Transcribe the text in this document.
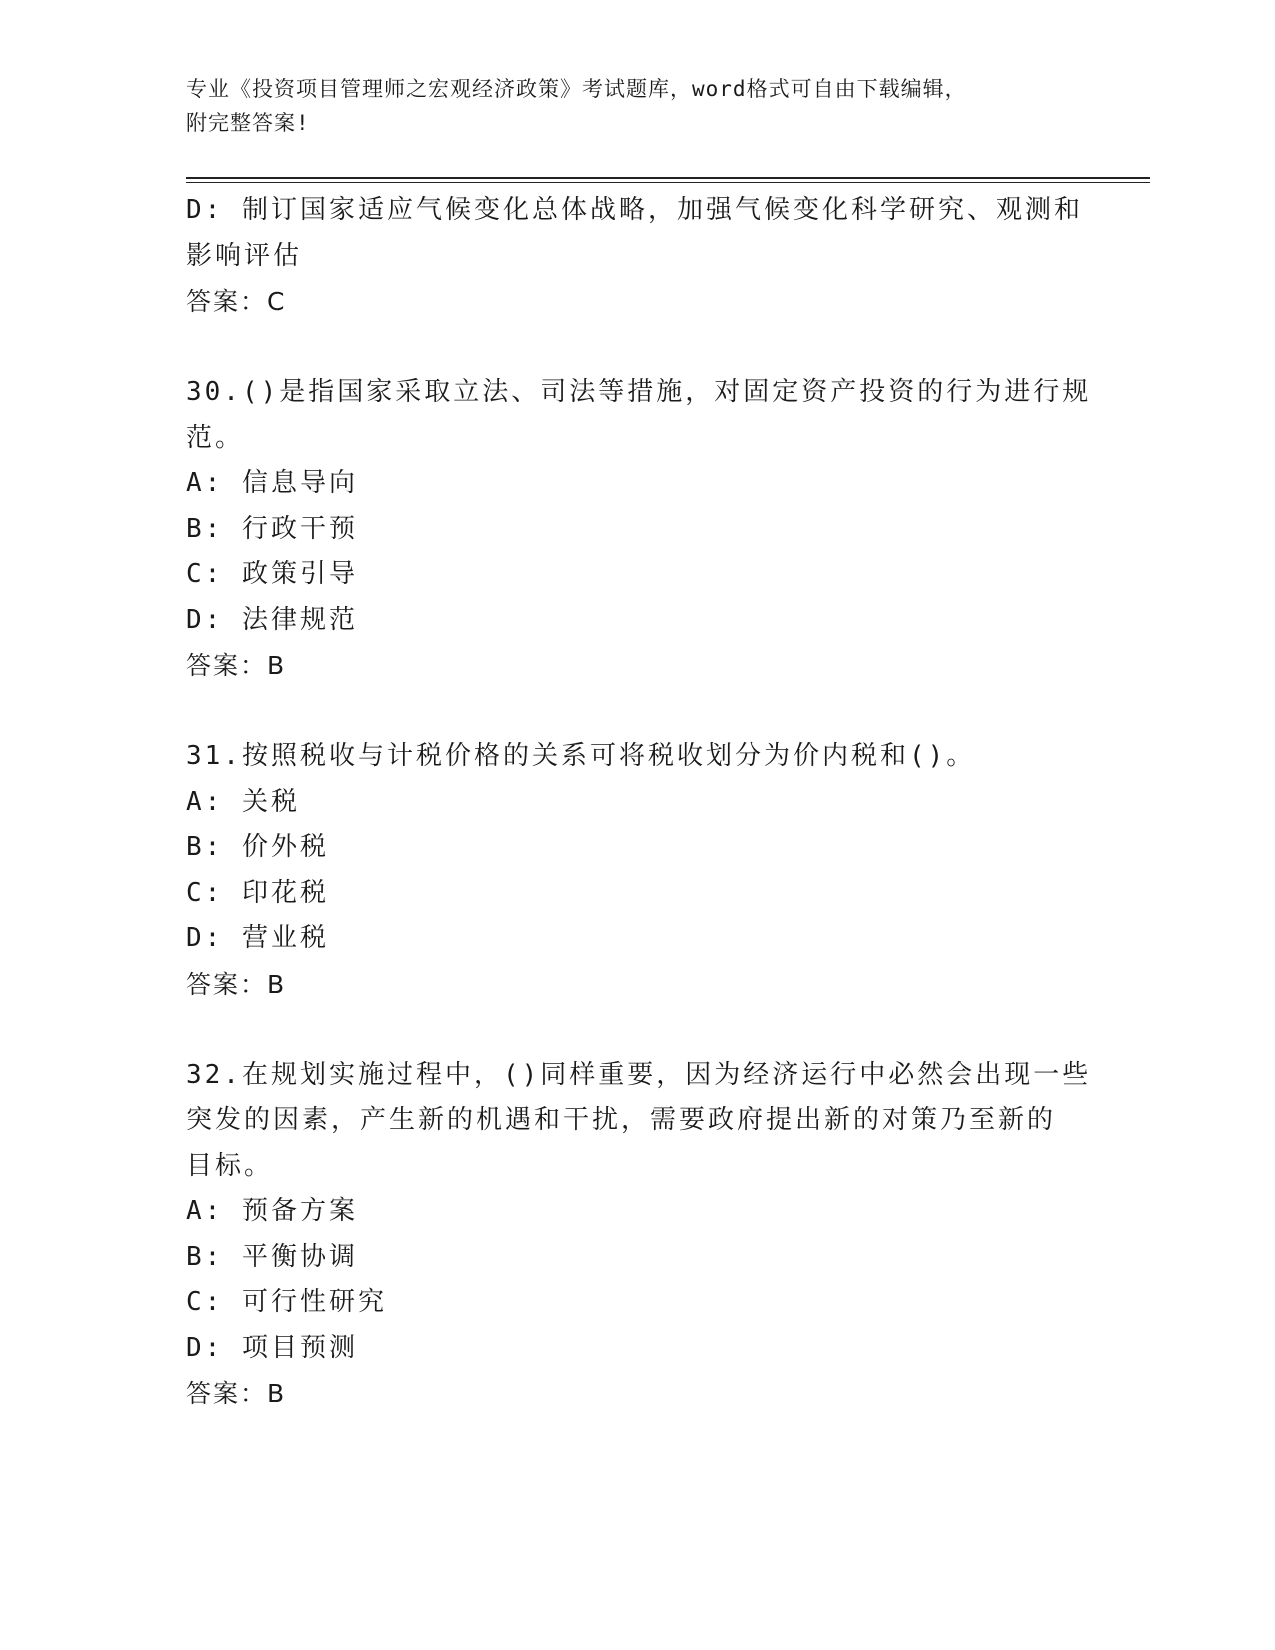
专业《投资项目管理师之宏观经济政策》考试题库，word格式可自由下载编辑，
附完整答案!
D: 制订国家适应气候变化总体战略，加强气候变化科学研究、观测和
影响评估
答案：C
30.()是指国家采取立法、司法等措施，对固定资产投资的行为进行规
范。
A: 信息导向
B: 行政干预
C: 政策引导
D: 法律规范
答案：B
31.按照税收与计税价格的关系可将税收划分为价内税和()。
A: 关税
B: 价外税
C: 印花税
D: 营业税
答案：B
32.在规划实施过程中，()同样重要，因为经济运行中必然会出现一些
突发的因素，产生新的机遇和干扰，需要政府提出新的对策乃至新的
目标。
A: 预备方案
B: 平衡协调
C: 可行性研究
D: 项目预测
答案：B
